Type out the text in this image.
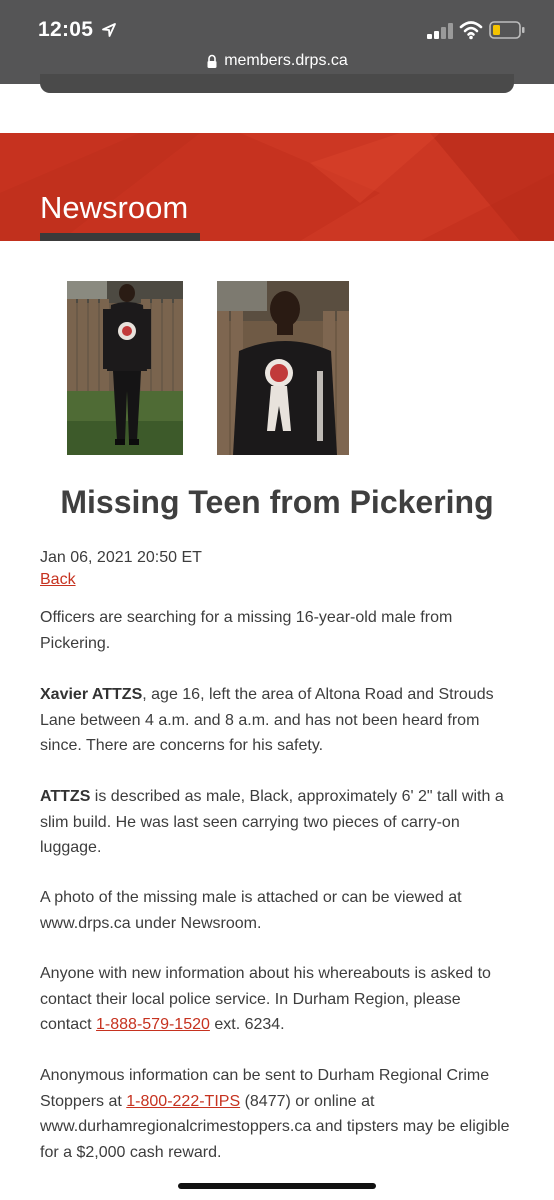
12:05
members.drps.ca
Newsroom
Missing Teen from Pickering
Jan 06, 2021 20:50 ET
Back

Officers are searching for a missing 16-year-old male from Pickering.

Xavier ATTZS, age 16, left the area of Altona Road and Strouds Lane between 4 a.m. and 8 a.m. and has not been heard from since. There are concerns for his safety.

ATTZS is described as male, Black, approximately 6' 2" tall with a slim build. He was last seen carrying two pieces of carry-on luggage.

A photo of the missing male is attached or can be viewed at www.drps.ca under Newsroom.

Anyone with new information about his whereabouts is asked to contact their local police service. In Durham Region, please contact 1-888-579-1520 ext. 6234.

Anonymous information can be sent to Durham Regional Crime Stoppers at 1-800-222-TIPS (8477) or online at www.durhamregionalcrimestoppers.ca and tipsters may be eligible for a $2,000 cash reward.
